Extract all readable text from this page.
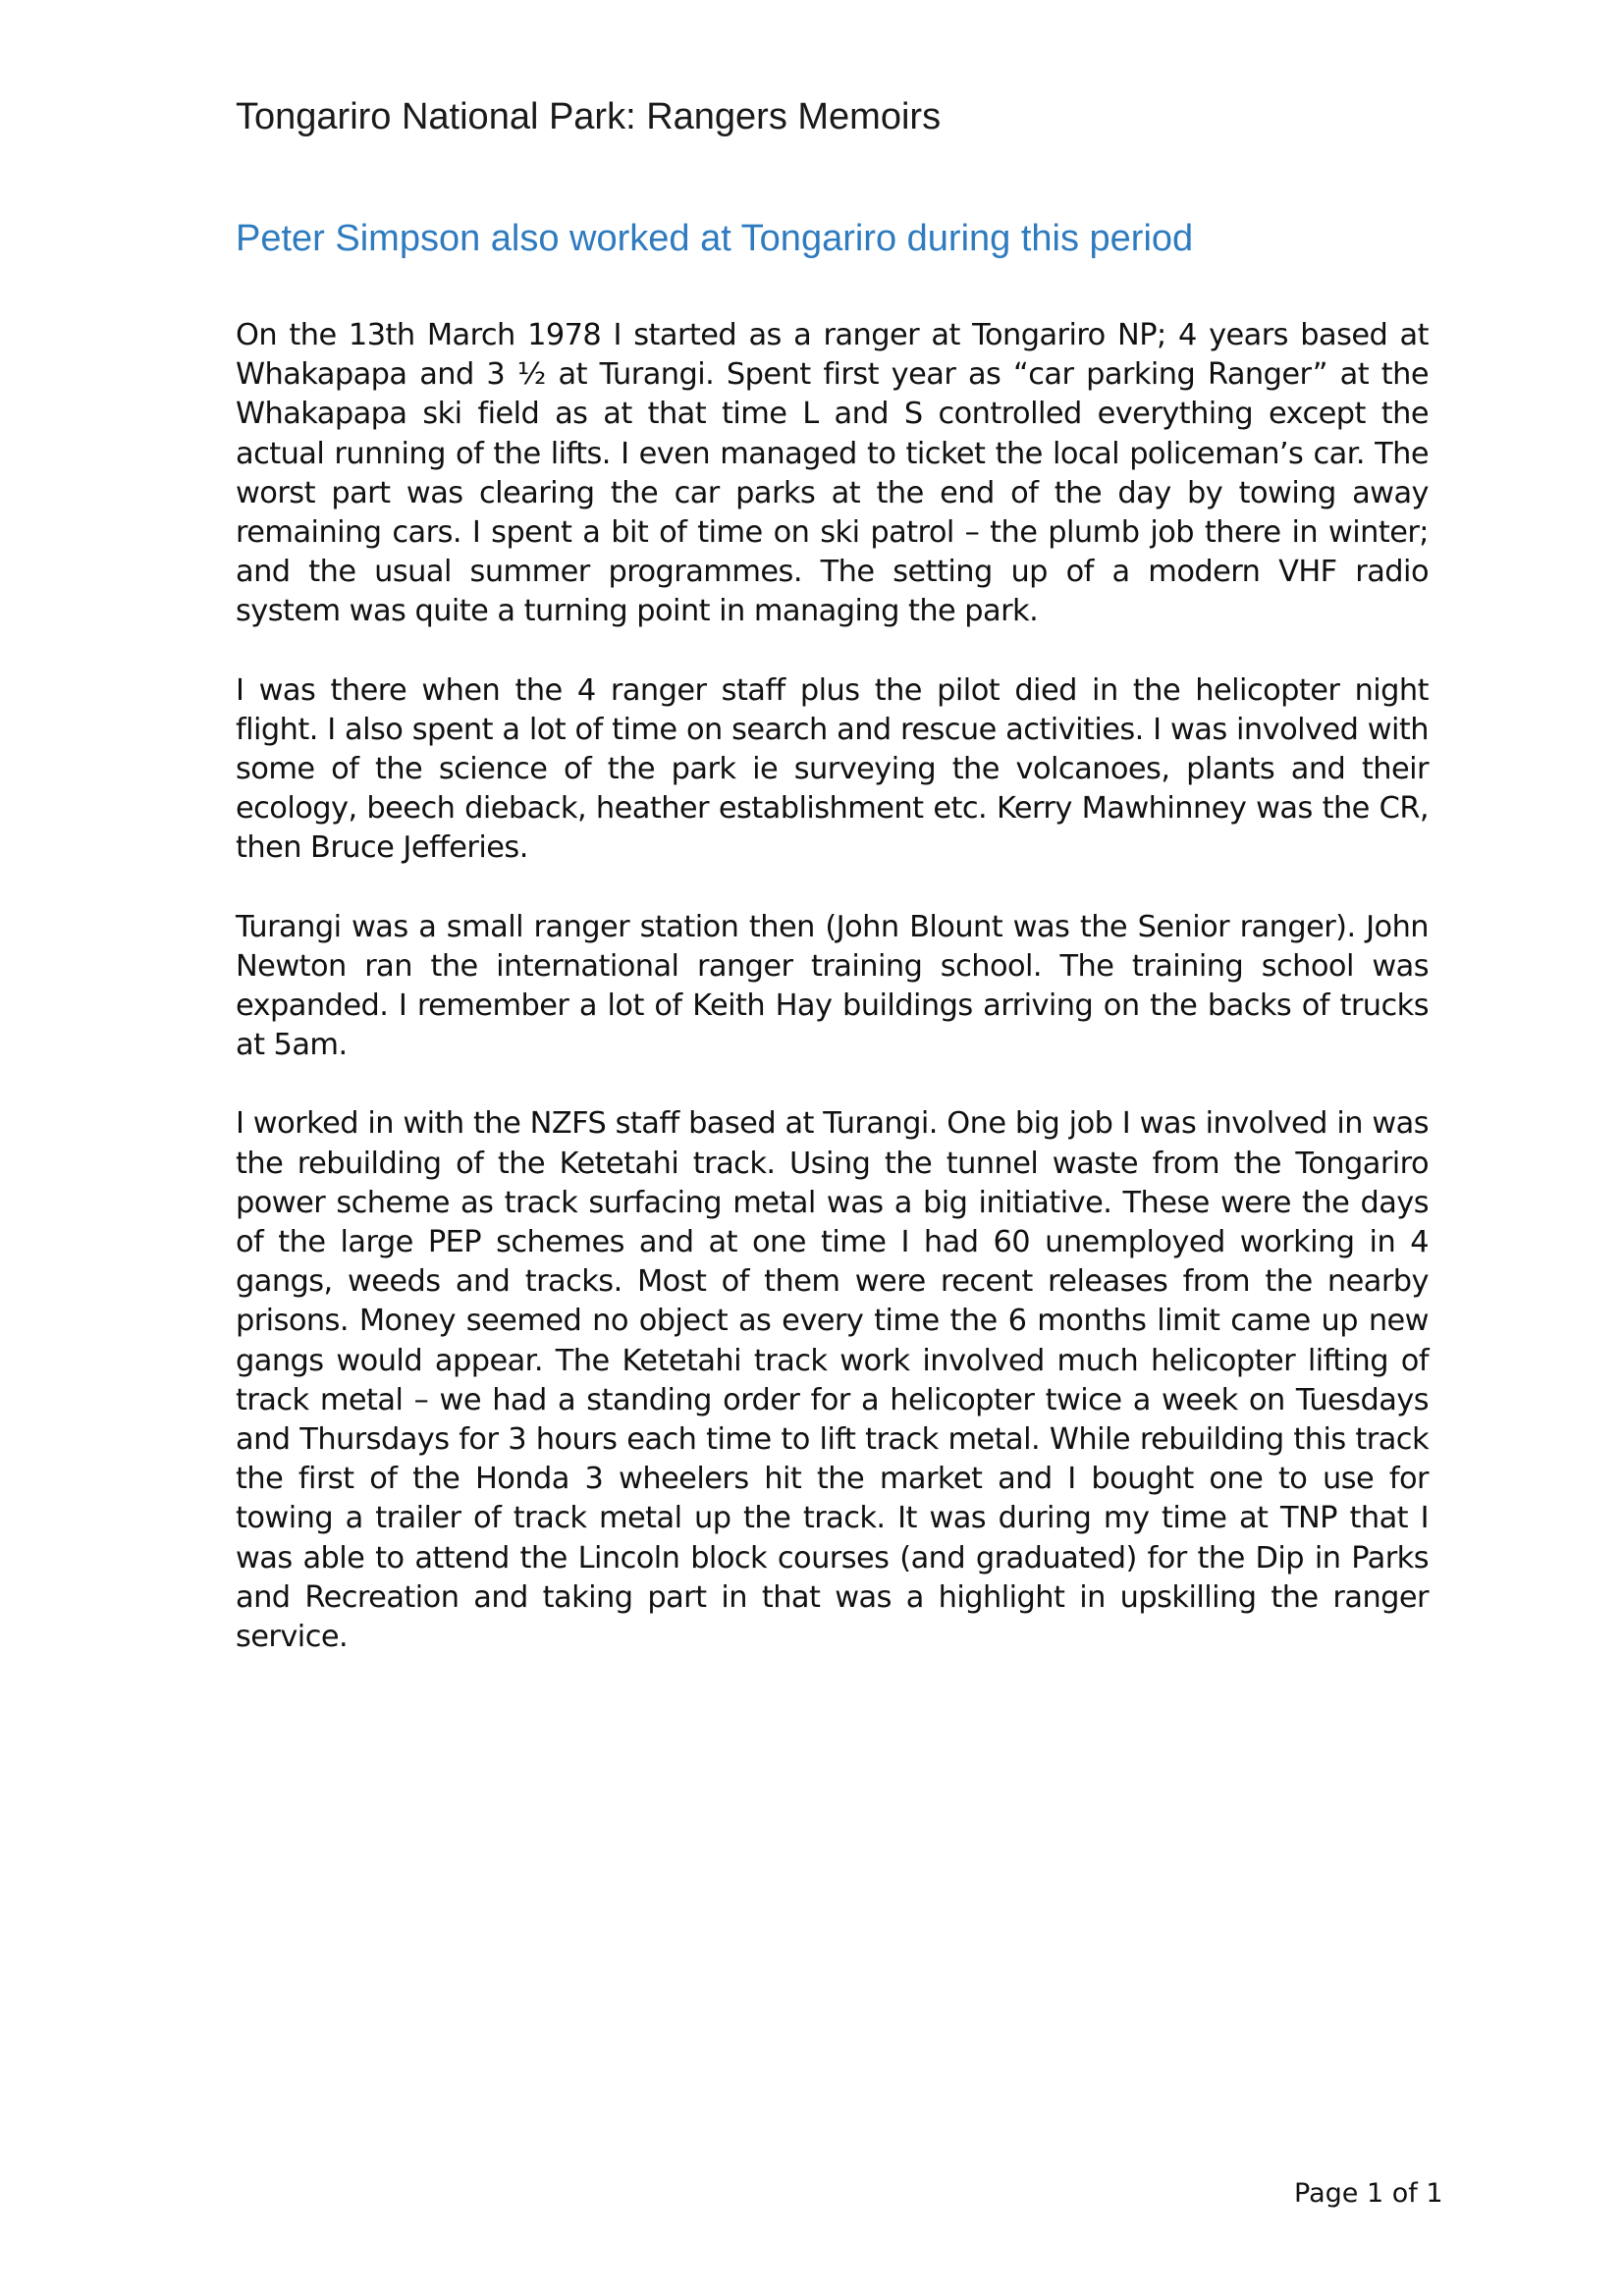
Tongariro National Park: Rangers Memoirs
Peter Simpson also worked at Tongariro during this period

On the 13th March 1978 I started as a ranger at Tongariro NP; 4 years based at Whakapapa and 3 ½ at Turangi. Spent first year as “car parking Ranger” at the Whakapapa ski field as at that time L and S controlled everything except the actual running of the lifts. I even managed to ticket the local policeman’s car. The worst part was clearing the car parks at the end of the day by towing away remaining cars. I spent a bit of time on ski patrol – the plumb job there in winter; and the usual summer programmes. The setting up of a modern VHF radio system was quite a turning point in managing the park.

I was there when the 4 ranger staff plus the pilot died in the helicopter night flight. I also spent a lot of time on search and rescue activities. I was involved with some of the science of the park ie surveying the volcanoes, plants and their ecology, beech dieback, heather establishment etc. Kerry Mawhinney was the CR, then Bruce Jefferies.

Turangi was a small ranger station then (John Blount was the Senior ranger). John Newton ran the international ranger training school. The training school was expanded. I remember a lot of Keith Hay buildings arriving on the backs of trucks at 5am.

I worked in with the NZFS staff based at Turangi. One big job I was involved in was the rebuilding of the Ketetahi track. Using the tunnel waste from the Tongariro power scheme as track surfacing metal was a big initiative. These were the days of the large PEP schemes and at one time I had 60 unemployed working in 4 gangs, weeds and tracks. Most of them were recent releases from the nearby prisons. Money seemed no object as every time the 6 months limit came up new gangs would appear. The Ketetahi track work involved much helicopter lifting of track metal – we had a standing order for a helicopter twice a week on Tuesdays and Thursdays for 3 hours each time to lift track metal. While rebuilding this track the first of the Honda 3 wheelers hit the market and I bought one to use for towing a trailer of track metal up the track. It was during my time at TNP that I was able to attend the Lincoln block courses (and graduated) for the Dip in Parks and Recreation and taking part in that was a highlight in upskilling the ranger service.

Page 1 of 1
